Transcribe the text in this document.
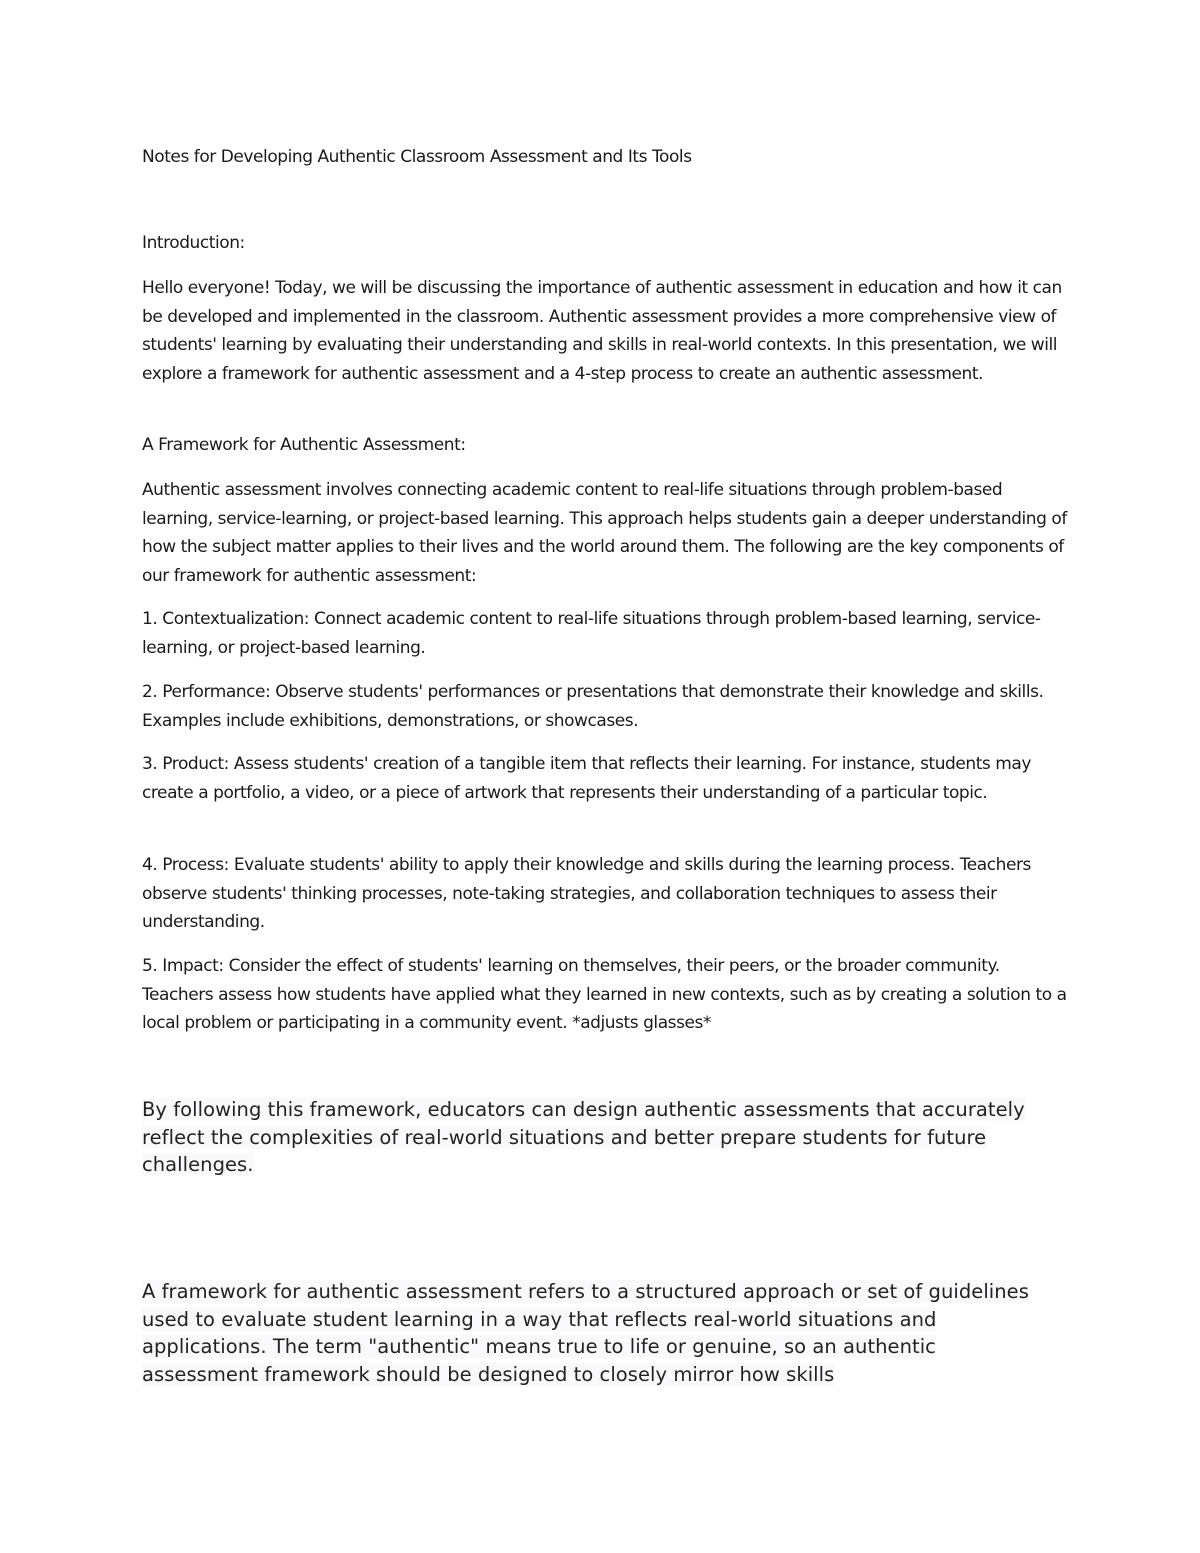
Notes for Developing Authentic Classroom Assessment and Its Tools

Introduction:

Hello everyone! Today, we will be discussing the importance of authentic assessment in education and how it can be developed and implemented in the classroom. Authentic assessment provides a more comprehensive view of students' learning by evaluating their understanding and skills in real-world contexts. In this presentation, we will explore a framework for authentic assessment and a 4-step process to create an authentic assessment.

A Framework for Authentic Assessment:

Authentic assessment involves connecting academic content to real-life situations through problem-based learning, service-learning, or project-based learning. This approach helps students gain a deeper understanding of how the subject matter applies to their lives and the world around them. The following are the key components of our framework for authentic assessment:

1. Contextualization: Connect academic content to real-life situations through problem-based learning, service-learning, or project-based learning.

2. Performance: Observe students' performances or presentations that demonstrate their knowledge and skills. Examples include exhibitions, demonstrations, or showcases.

3. Product: Assess students' creation of a tangible item that reflects their learning. For instance, students may create a portfolio, a video, or a piece of artwork that represents their understanding of a particular topic.

4. Process: Evaluate students' ability to apply their knowledge and skills during the learning process. Teachers observe students' thinking processes, note-taking strategies, and collaboration techniques to assess their understanding.

5. Impact: Consider the effect of students' learning on themselves, their peers, or the broader community. Teachers assess how students have applied what they learned in new contexts, such as by creating a solution to a local problem or participating in a community event. *adjusts glasses*

By following this framework, educators can design authentic assessments that accurately reflect the complexities of real-world situations and better prepare students for future challenges.

A framework for authentic assessment refers to a structured approach or set of guidelines used to evaluate student learning in a way that reflects real-world situations and applications. The term "authentic" means true to life or genuine, so an authentic assessment framework should be designed to closely mirror how skills
